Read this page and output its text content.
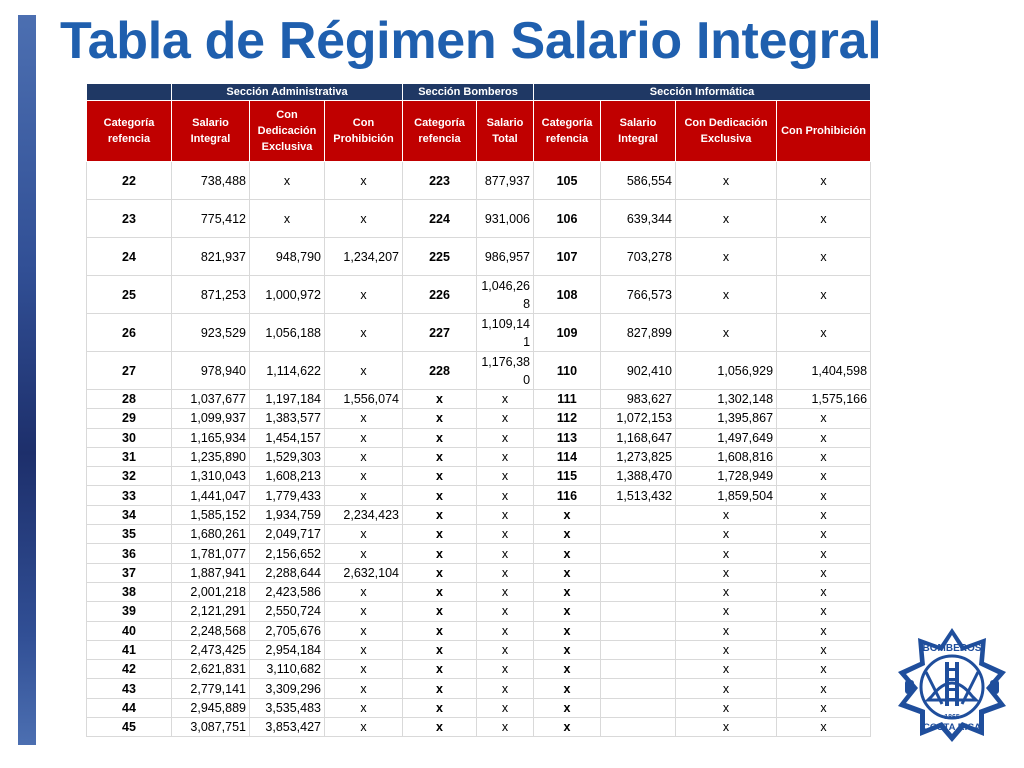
Tabla de Régimen Salario Integral
	Sección Administrativa			Sección Bomberos		Sección Informática			
Categoría refencia	Salario Integral	Con Dedicación Exclusiva	Con Prohibición	Categoría refencia	Salario Total	Categoría refencia	Salario Integral	Con Dedicación Exclusiva	Con Prohibición
22	738,488	x	x	223	877,937	105	586,554	x	x
23	775,412	x	x	224	931,006	106	639,344	x	x
24	821,937	948,790	1,234,207	225	986,957	107	703,278	x	x
25	871,253	1,000,972	x	226	1,046,268	108	766,573	x	x
26	923,529	1,056,188	x	227	1,109,141	109	827,899	x	x
27	978,940	1,114,622	x	228	1,176,380	110	902,410	1,056,929	1,404,598
28	1,037,677	1,197,184	1,556,074	x	x	111	983,627	1,302,148	1,575,166
29	1,099,937	1,383,577	x	x	x	112	1,072,153	1,395,867	x
30	1,165,934	1,454,157	x	x	x	113	1,168,647	1,497,649	x
31	1,235,890	1,529,303	x	x	x	114	1,273,825	1,608,816	x
32	1,310,043	1,608,213	x	x	x	115	1,388,470	1,728,949	x
33	1,441,047	1,779,433	x	x	x	116	1,513,432	1,859,504	x
34	1,585,152	1,934,759	2,234,423	x	x	x		x	x
35	1,680,261	2,049,717	x	x	x	x		x	x
36	1,781,077	2,156,652	x	x	x	x		x	x
37	1,887,941	2,288,644	2,632,104	x	x	x		x	x
38	2,001,218	2,423,586	x	x	x	x		x	x
39	2,121,291	2,550,724	x	x	x	x		x	x
40	2,248,568	2,705,676	x	x	x	x		x	x
41	2,473,425	2,954,184	x	x	x	x		x	x
42	2,621,831	3,110,682	x	x	x	x		x	x
43	2,779,141	3,309,296	x	x	x	x		x	x
44	2,945,889	3,535,483	x	x	x	x		x	x
45	3,087,751	3,853,427	x	x	x	x		x	x
BOMBEROS
1865
COSTA RICA
